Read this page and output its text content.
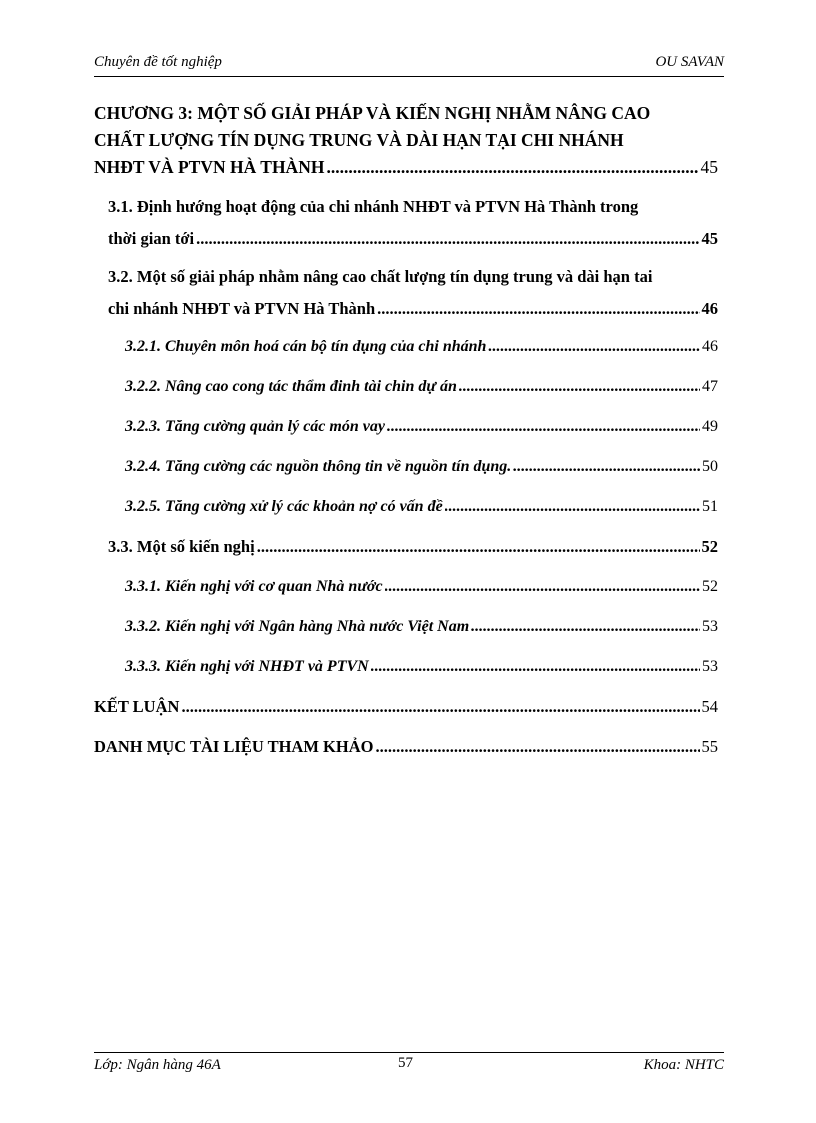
Chuyên đề tốt nghiệp	OU SAVAN
CHƯƠNG 3: MỘT SỐ GIẢI PHÁP VÀ KIẾN NGHỊ NHẰM NÂNG CAO
CHẤT LƯỢNG TÍN DỤNG TRUNG VÀ DÀI HẠN TẠI CHI NHÁNH
NHĐT VÀ PTVN HÀ THÀNH .....	45
3.1. Định hướng hoạt động của chi nhánh NHĐT và PTVN Hà Thành trong
thời gian tới .....	45
3.2. Một số giải pháp nhằm nâng cao chất lượng tín dụng trung và dài hạn tai
chi nhánh NHĐT và PTVN Hà Thành .....	46
3.2.1. Chuyên môn hoá cán bộ tín dụng của chi nhánh .....	46
3.2.2. Nâng cao cong tác thẩm đinh tài chin dự án .....	47
3.2.3. Tăng cường quản lý các món vay .....	49
3.2.4. Tăng cường các nguồn thông tin về nguồn tín dụng. .....	50
3.2.5. Tăng cường xử lý các khoản nợ có vấn đề .....	51
3.3. Một số kiến nghị .....	52
3.3.1. Kiến nghị với cơ quan Nhà nước .....	52
3.3.2. Kiến nghị với Ngân hàng Nhà nước Việt Nam .....	53
3.3.3. Kiến nghị với NHĐT và PTVN .....	53
KẾT LUẬN .....	54
DANH MỤC TÀI LIỆU THAM KHẢO .....	55
Lớp: Ngân hàng 46A	57	Khoa: NHTC
